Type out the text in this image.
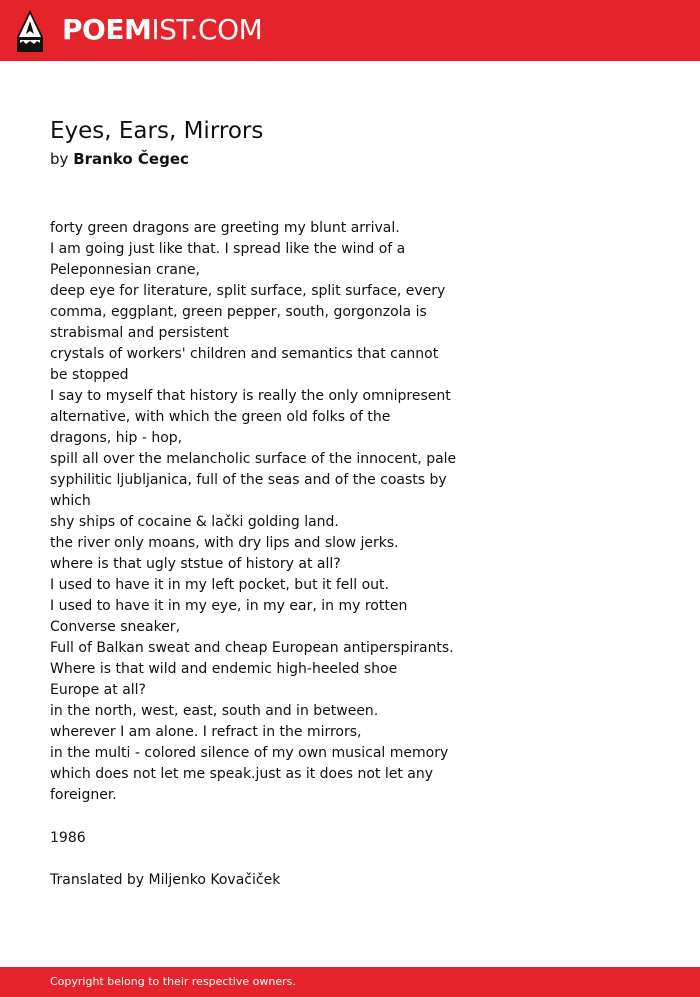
POEMIST.COM
Eyes, Ears, Mirrors
by Branko Čegec
forty green dragons are greeting my blunt arrival.
I am going just like that. I spread like the wind of a
Peleponnesian crane,
deep eye for literature, split surface, split surface, every
comma, eggplant, green pepper, south, gorgonzola is
strabismal and persistent
crystals of workers' children and semantics that cannot
be stopped
I say to myself that history is really the only omnipresent
alternative, with which the green old folks of the
dragons, hip - hop,
spill all over the melancholic surface of the innocent, pale
syphilitic ljubljanica, full of the seas and of the coasts by
which
shy ships of cocaine & lački golding land.
the river only moans, with dry lips and slow jerks.
where is that ugly ststue of history at all?
I used to have it in my left pocket, but it fell out.
I used to have it in my eye, in my ear, in my rotten
Converse sneaker,
Full of Balkan sweat and cheap European antiperspirants.
Where is that wild and endemic high-heeled shoe
Europe at all?
in the north, west, east, south and in between.
wherever I am alone. I refract in the mirrors,
in the multi - colored silence of my own musical memory
which does not let me speak.just as it does not let any
foreigner.
1986
Translated by Miljenko Kovačiček
Copyright belong to their respective owners.
